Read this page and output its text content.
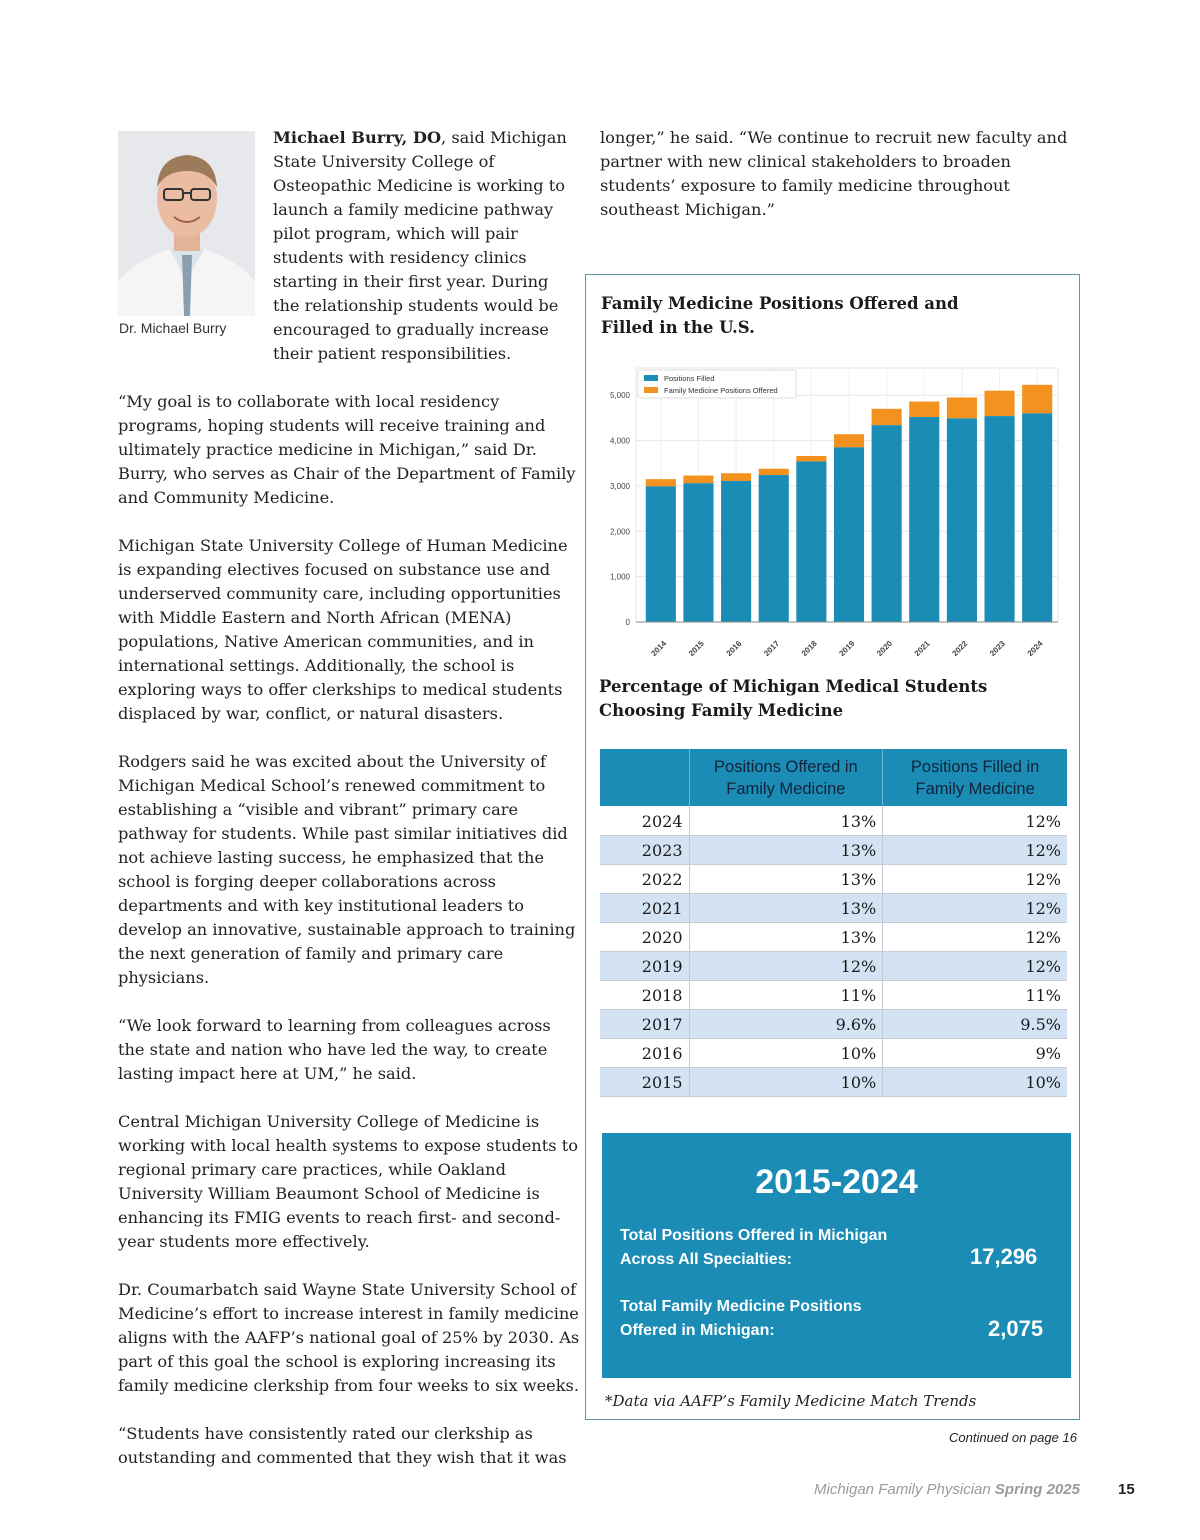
Dr. Michael Burry
Michael Burry, DO, said Michigan State University College of Osteopathic Medicine is working to launch a family medicine pathway pilot program, which will pair students with residency clinics starting in their first year. During the relationship students would be encouraged to gradually increase their patient responsibilities.

“My goal is to collaborate with local residency programs, hoping students will receive training and ultimately practice medicine in Michigan,” said Dr. Burry, who serves as Chair of the Department of Family and Community Medicine.

Michigan State University College of Human Medicine is expanding electives focused on substance use and underserved community care, including opportunities with Middle Eastern and North African (MENA) populations, Native American communities, and in international settings. Additionally, the school is exploring ways to offer clerkships to medical students displaced by war, conflict, or natural disasters.

Rodgers said he was excited about the University of Michigan Medical School’s renewed commitment to establishing a “visible and vibrant” primary care pathway for students. While past similar initiatives did not achieve lasting success, he emphasized that the school is forging deeper collaborations across departments and with key institutional leaders to develop an innovative, sustainable approach to training the next generation of family and primary care physicians.

“We look forward to learning from colleagues across the state and nation who have led the way, to create lasting impact here at UM,” he said.

Central Michigan University College of Medicine is working with local health systems to expose students to regional primary care practices, while Oakland University William Beaumont School of Medicine is enhancing its FMIG events to reach first- and second-year students more effectively.

Dr. Coumarbatch said Wayne State University School of Medicine’s effort to increase interest in family medicine aligns with the AAFP’s national goal of 25% by 2030. As part of this goal the school is exploring increasing its family medicine clerkship from four weeks to six weeks.

“Students have consistently rated our clerkship as outstanding and commented that they wish that it was

longer,” he said. “We continue to recruit new faculty and partner with new clinical stakeholders to broaden students’ exposure to family medicine throughout southeast Michigan.”
Family Medicine Positions Offered and Filled in the U.S.
0
1,000
2,000
3,000
4,000
5,000
2014 2015 2016 2017 2018 2019 2020 2021 2022 2023 2024
Positions Filled
Family Medicine Positions Offered
Percentage of Michigan Medical Students Choosing Family Medicine
	Positions Offered in Family Medicine	Positions Filled in Family Medicine
2024	13%	12%
2023	13%	12%
2022	13%	12%
2021	13%	12%
2020	13%	12%
2019	12%	12%
2018	11%	11%
2017	9.6%	9.5%
2016	10%	9%
2015	10%	10%
2015-2024
Total Positions Offered in Michigan
Across All Specialties:	17,296
Total Family Medicine Positions
Offered in Michigan:	2,075
*Data via AAFP’s Family Medicine Match Trends
Continued on page 16
Michigan Family Physician Spring 2025	15
